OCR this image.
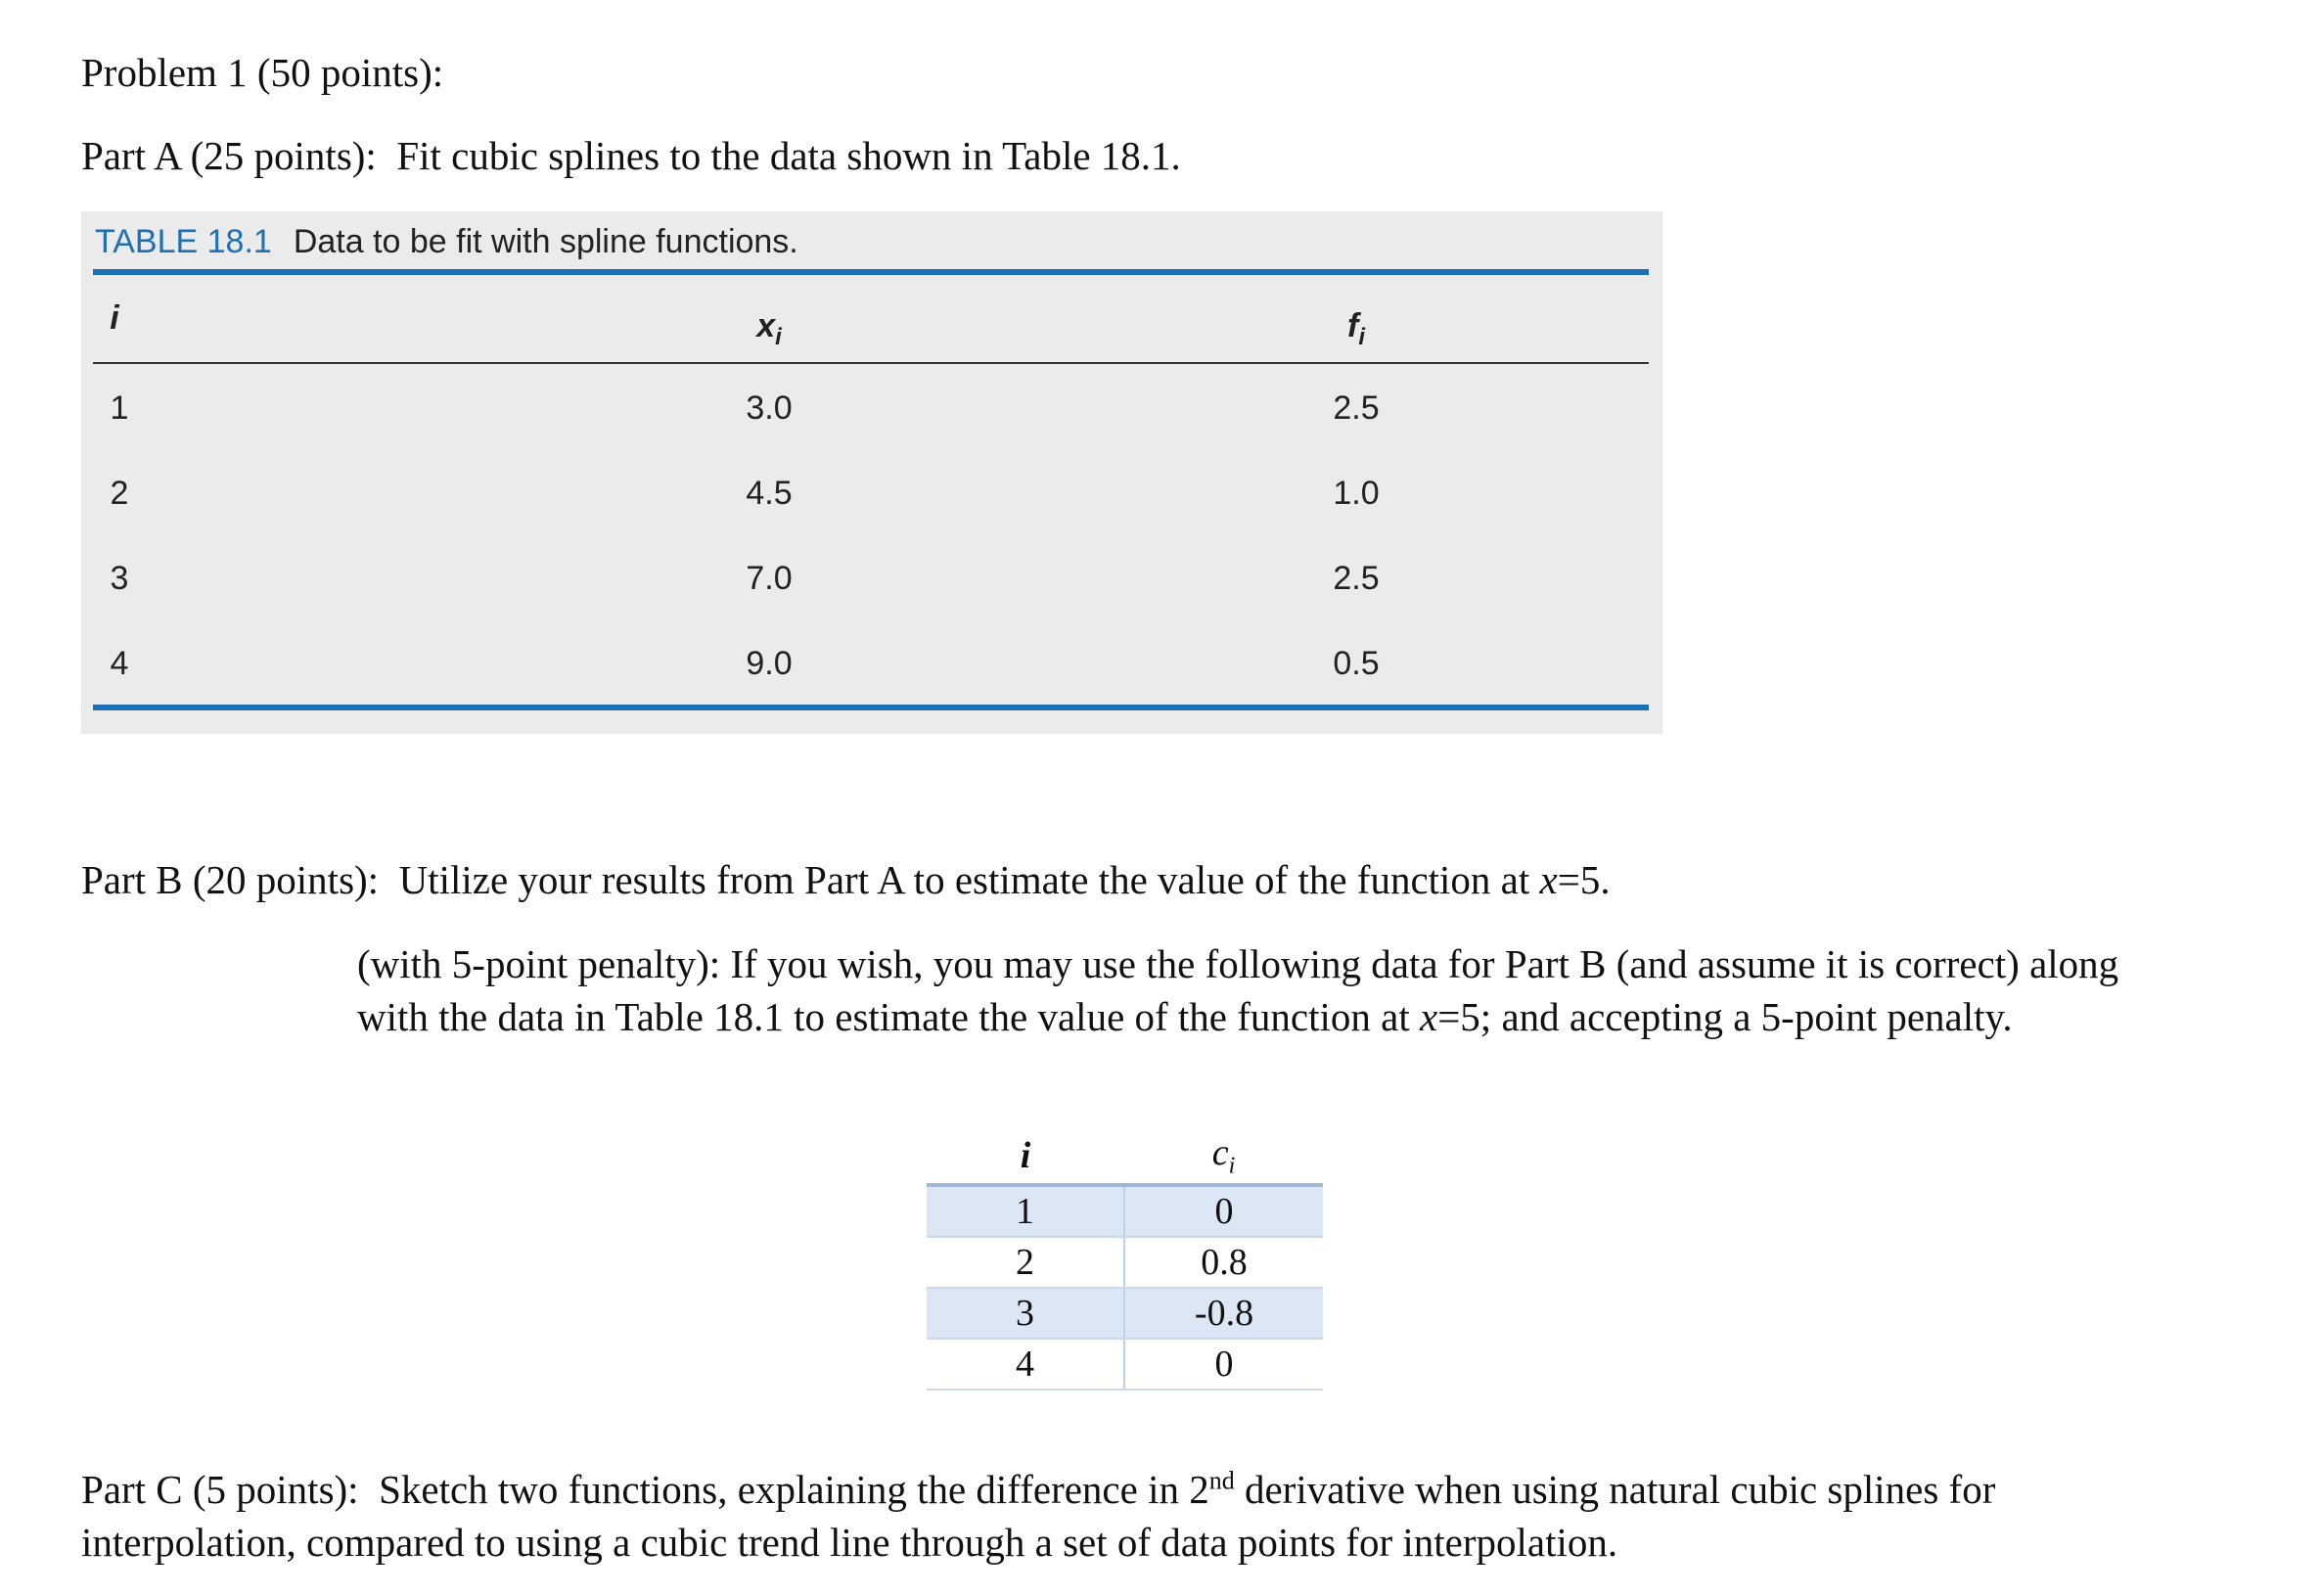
Problem 1 (50 points):

Part A (25 points): Fit cubic splines to the data shown in Table 18.1.

TABLE 18.1 Data to be fit with spline functions.
i	$x_i$	$f_i$
1	3.0	2.5
2	4.5	1.0
3	7.0	2.5
4	9.0	0.5

Part B (20 points): Utilize your results from Part A to estimate the value of the function at x=5.

(with 5-point penalty): If you wish, you may use the following data for Part B (and assume it is correct) along with the data in Table 18.1 to estimate the value of the function at x=5; and accepting a 5-point penalty.

i	$c_i$
1	0
2	0.8
3	-0.8
4	0

Part C (5 points): Sketch two functions, explaining the difference in 2nd derivative when using natural cubic splines for interpolation, compared to using a cubic trend line through a set of data points for interpolation.
